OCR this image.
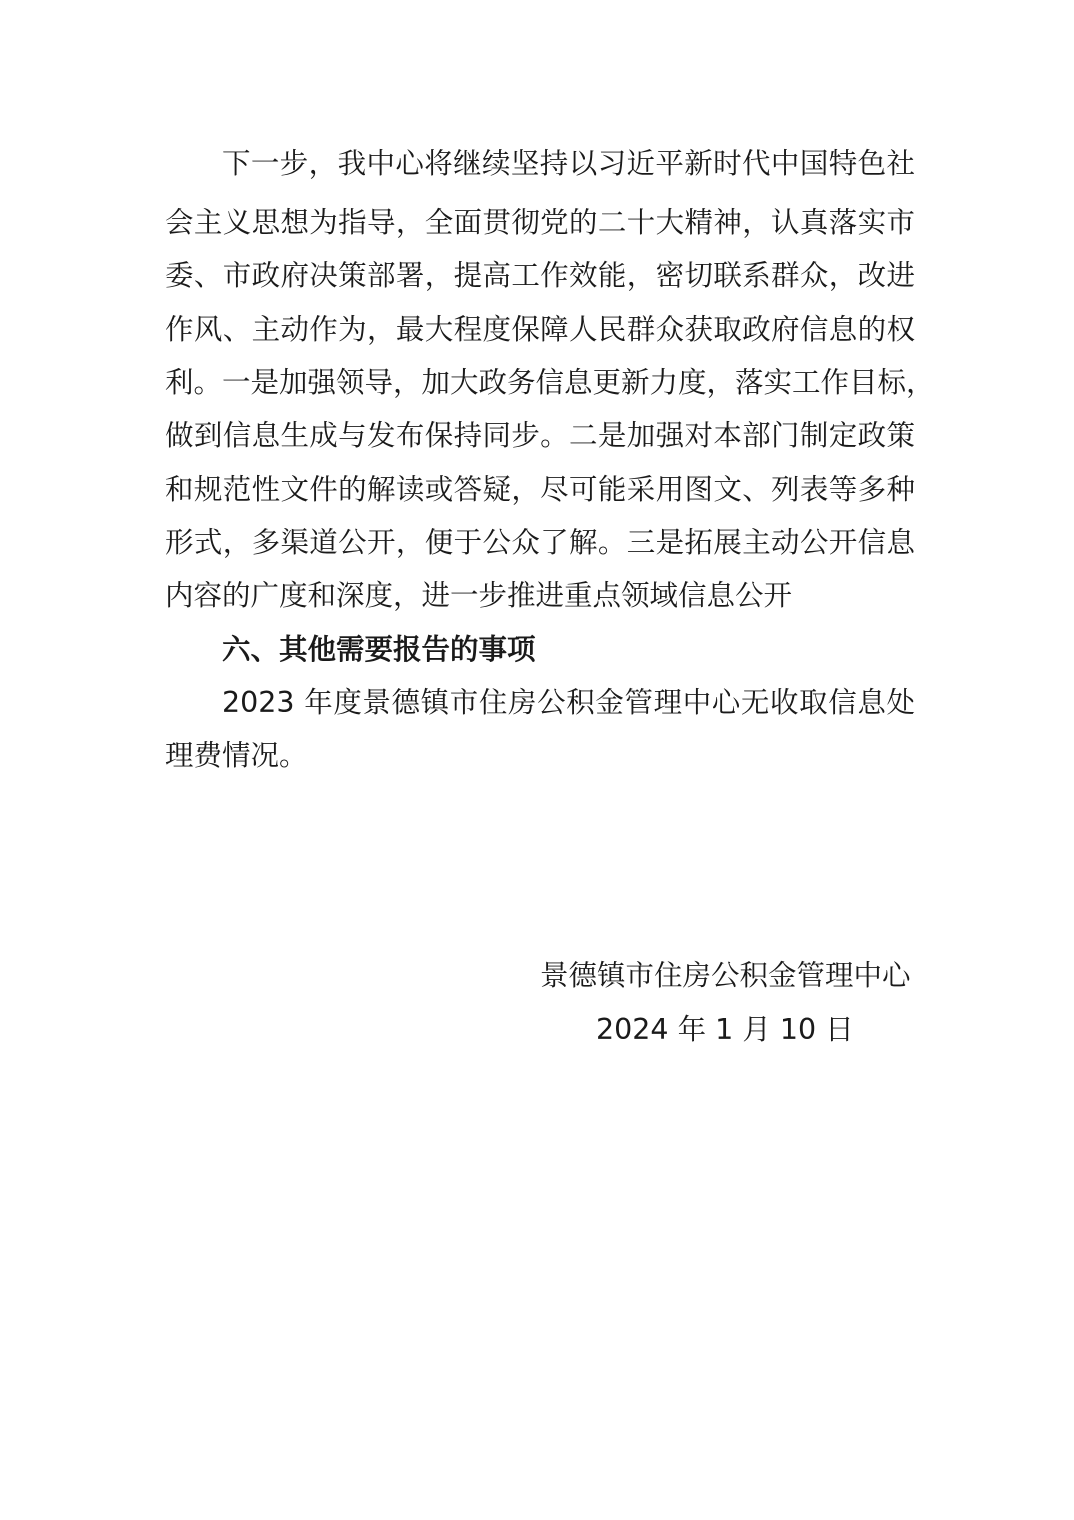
下一步，我中心将继续坚持以习近平新时代中国特色社
会主义思想为指导，全面贯彻党的二十大精神，认真落实市
委、市政府决策部署，提高工作效能，密切联系群众，改进
作风、主动作为，最大程度保障人民群众获取政府信息的权
利。一是加强领导，加大政务信息更新力度，落实工作目标，
做到信息生成与发布保持同步。二是加强对本部门制定政策
和规范性文件的解读或答疑，尽可能采用图文、列表等多种
形式，多渠道公开，便于公众了解。三是拓展主动公开信息
内容的广度和深度，进一步推进重点领域信息公开
六、其他需要报告的事项
2023 年度景德镇市住房公积金管理中心无收取信息处
理费情况。
景德镇市住房公积金管理中心
2024 年 1 月 10 日
